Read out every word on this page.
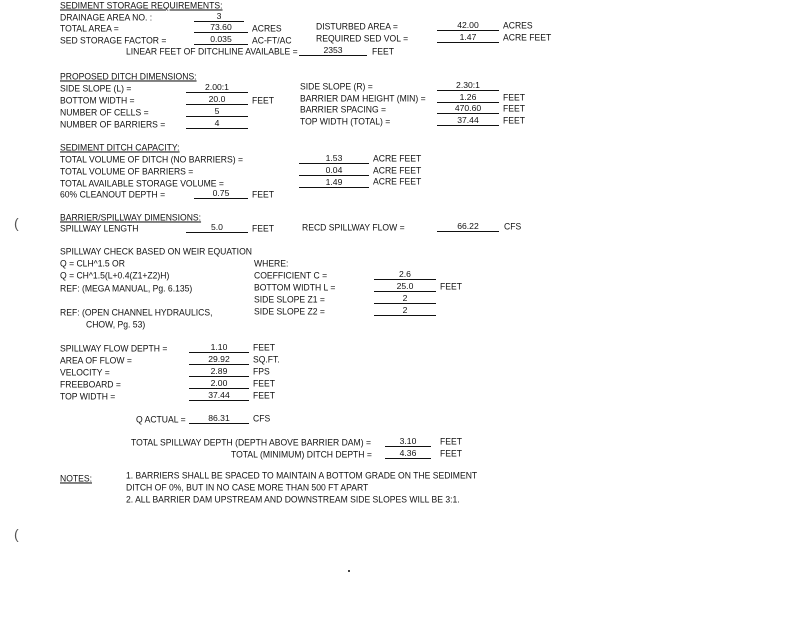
SEDIMENT STORAGE REQUIREMENTS:
DRAINAGE AREA NO. :	3
TOTAL AREA =	73.60	ACRES	DISTURBED AREA =	42.00	ACRES
SED STORAGE FACTOR =	0.035	AC-FT/AC	REQUIRED SED VOL =	1.47	ACRE FEET
LINEAR FEET OF DITCHLINE AVAILABLE =	2353	FEET
PROPOSED DITCH DIMENSIONS:
SIDE SLOPE (L) =	2.00:1	SIDE SLOPE (R) =	2.30:1
BOTTOM WIDTH =	20.0	FEET	BARRIER DAM HEIGHT (MIN) =	1.26	FEET
NUMBER OF CELLS =	5	BARRIER SPACING =	470.60	FEET
NUMBER OF BARRIERS =	4	TOP WIDTH (TOTAL) =	37.44	FEET
SEDIMENT DITCH CAPACITY:
TOTAL VOLUME OF DITCH (NO BARRIERS) =	1.53	ACRE FEET
TOTAL VOLUME OF BARRIERS =	0.04	ACRE FEET
TOTAL AVAILABLE STORAGE VOLUME =	1.49	ACRE FEET
60% CLEANOUT DEPTH =	0.75	FEET
BARRIER/SPILLWAY DIMENSIONS:
SPILLWAY LENGTH	5.0	FEET	RECD SPILLWAY FLOW =	66.22	CFS
SPILLWAY CHECK BASED ON WEIR EQUATION
Q = CLH^1.5 OR	WHERE:
Q = CH^1.5(L+0.4(Z1+Z2)H)	COEFFICIENT C =	2.6
REF: (MEGA MANUAL, Pg. 6.135)	BOTTOM WIDTH L =	25.0	FEET
SIDE SLOPE Z1 =	2
REF: (OPEN CHANNEL HYDRAULICS,	SIDE SLOPE Z2 =	2
CHOW, Pg. 53)
SPILLWAY FLOW DEPTH =	1.10	FEET
AREA OF FLOW =	29.92	SQ.FT.
VELOCITY =	2.89	FPS
FREEBOARD =	2.00	FEET
TOP WIDTH =	37.44	FEET
Q ACTUAL =	86.31	CFS
TOTAL SPILLWAY DEPTH (DEPTH ABOVE BARRIER DAM) =	3.10	FEET
TOTAL (MINIMUM) DITCH DEPTH =	4.36	FEET
NOTES:	1. BARRIERS SHALL BE SPACED TO MAINTAIN A BOTTOM GRADE ON THE SEDIMENT
DITCH OF 0%, BUT IN NO CASE MORE THAN 500 FT APART
2. ALL BARRIER DAM UPSTREAM AND DOWNSTREAM SIDE SLOPES WILL BE 3:1.
(
(
